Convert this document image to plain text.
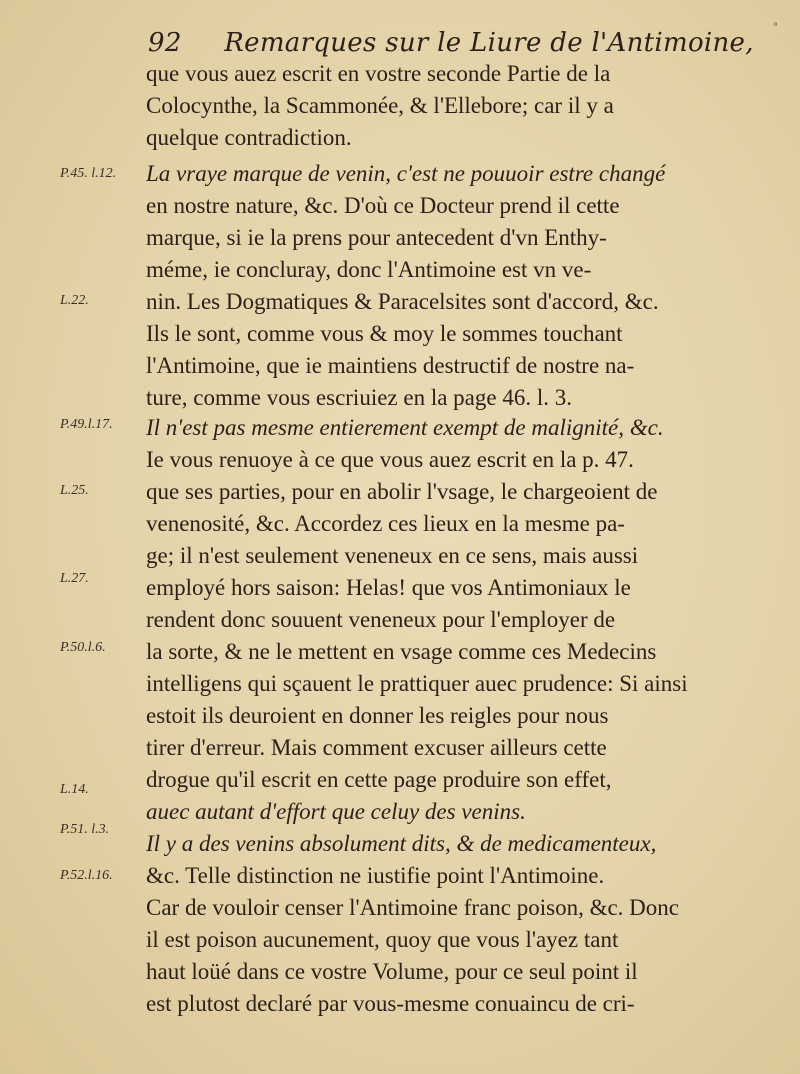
°
92 Remarques sur le Liure de l'Antimoine,
P.45. l.12.
L.22.
P.49.l.17.
L.25.
L.27.
P.50.l.6.
L.14.
P.51. l.3.
P.52.l.16.
que vous auez escrit en vostre seconde Partie de la
Colocynthe, la Scammonée, & l'Ellebore; car il y a
quelque contradiction.
La vraye marque de venin, c'est ne pouuoir estre changé
en nostre nature, &c. D'où ce Docteur prend il cette
marque, si ie la prens pour antecedent d'vn Enthy-
méme, ie concluray, donc l'Antimoine est vn ve-
nin. Les Dogmatiques & Paracelsites sont d'accord, &c.
Ils le sont, comme vous & moy le sommes touchant
l'Antimoine, que ie maintiens destructif de nostre na-
ture, comme vous escriuiez en la page 46. l. 3.
Il n'est pas mesme entierement exempt de malignité, &c.
Ie vous renuoye à ce que vous auez escrit en la p. 47.
que ses parties, pour en abolir l'vsage, le chargeoient de
venenosité, &c. Accordez ces lieux en la mesme pa-
ge; il n'est seulement veneneux en ce sens, mais aussi
employé hors saison: Helas! que vos Antimoniaux le
rendent donc souuent veneneux pour l'employer de
la sorte, & ne le mettent en vsage comme ces Medecins
intelligens qui sçauent le prattiquer auec prudence: Si ainsi
estoit ils deuroient en donner les reigles pour nous
tirer d'erreur. Mais comment excuser ailleurs cette
drogue qu'il escrit en cette page produire son effet,
auec autant d'effort que celuy des venins.
Il y a des venins absolument dits, & de medicamenteux,
&c. Telle distinction ne iustifie point l'Antimoine.
Car de vouloir censer l'Antimoine franc poison, &c. Donc
il est poison aucunement, quoy que vous l'ayez tant
haut loüé dans ce vostre Volume, pour ce seul point il
est plutost declaré par vous-mesme conuaincu de cri-
